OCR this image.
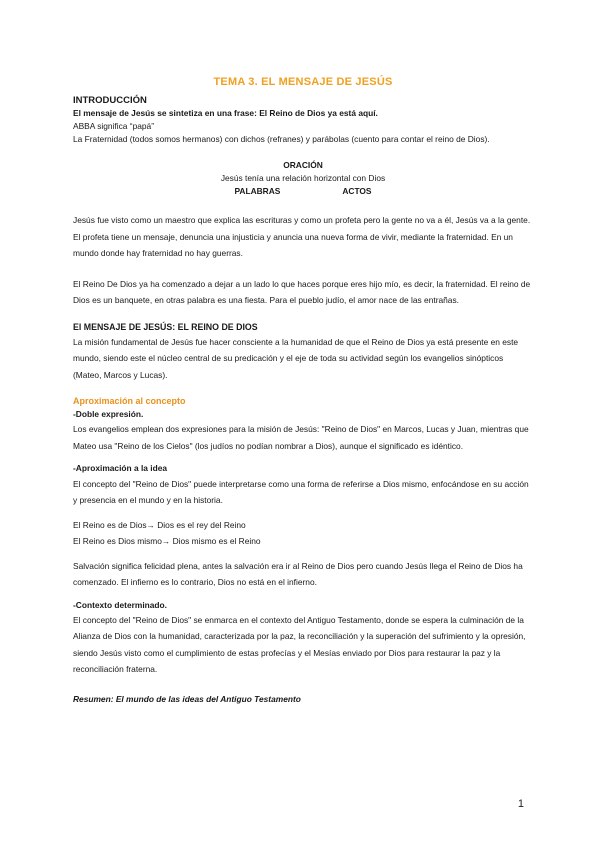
TEMA 3. EL MENSAJE DE JESÚS

INTRODUCCIÓN

El mensaje de Jesús se sintetiza en una frase: El Reino de Dios ya está aquí.

ABBA significa “papá”

La Fraternidad (todos somos hermanos) con dichos (refranes) y parábolas (cuento para contar el reino de Dios).

ORACIÓN

Jesús tenía una relación horizontal con Dios

PALABRAS	ACTOS

Jesús fue visto como un maestro que explica las escrituras y como un profeta pero la gente no va a él, Jesús va a la gente. El profeta tiene un mensaje, denuncia una injusticia y anuncia una nueva forma de vivir, mediante la fraternidad. En un mundo donde hay fraternidad no hay guerras.

El Reino De Dios ya ha comenzado a dejar a un lado lo que haces porque eres hijo mío, es decir, la fraternidad. El reino de Dios es un banquete, en otras palabra es una fiesta. Para el pueblo judío, el amor nace de las entrañas.

El MENSAJE DE JESÚS: EL REINO DE DIOS

La misión fundamental de Jesús fue hacer consciente a la humanidad de que el Reino de Dios ya está presente en este mundo, siendo este el núcleo central de su predicación y el eje de toda su actividad según los evangelios sinópticos (Mateo, Marcos y Lucas).

Aproximación al concepto

-Doble expresión.

Los evangelios emplean dos expresiones para la misión de Jesús: "Reino de Dios" en Marcos, Lucas y Juan, mientras que Mateo usa "Reino de los Cielos" (los judíos no podían nombrar a Dios), aunque el significado es idéntico.

-Aproximación a la idea

El concepto del "Reino de Dios" puede interpretarse como una forma de referirse a Dios mismo, enfocándose en su acción y presencia en el mundo y en la historia.

El Reino es de Dios→ Dios es el rey del Reino

El Reino es Dios mismo→ Dios mismo es el Reino

Salvación significa felicidad plena, antes la salvación era ir al Reino de Dios pero cuando Jesús llega el Reino de Dios ha comenzado. El infierno es lo contrario, Dios no está en el infierno.

-Contexto determinado.

El concepto del "Reino de Dios" se enmarca en el contexto del Antiguo Testamento, donde se espera la culminación de la Alianza de Dios con la humanidad, caracterizada por la paz, la reconciliación y la superación del sufrimiento y la opresión, siendo Jesús visto como el cumplimiento de estas profecías y el Mesías enviado por Dios para restaurar la paz y la reconciliación fraterna.

Resumen: El mundo de las ideas del Antiguo Testamento

1
